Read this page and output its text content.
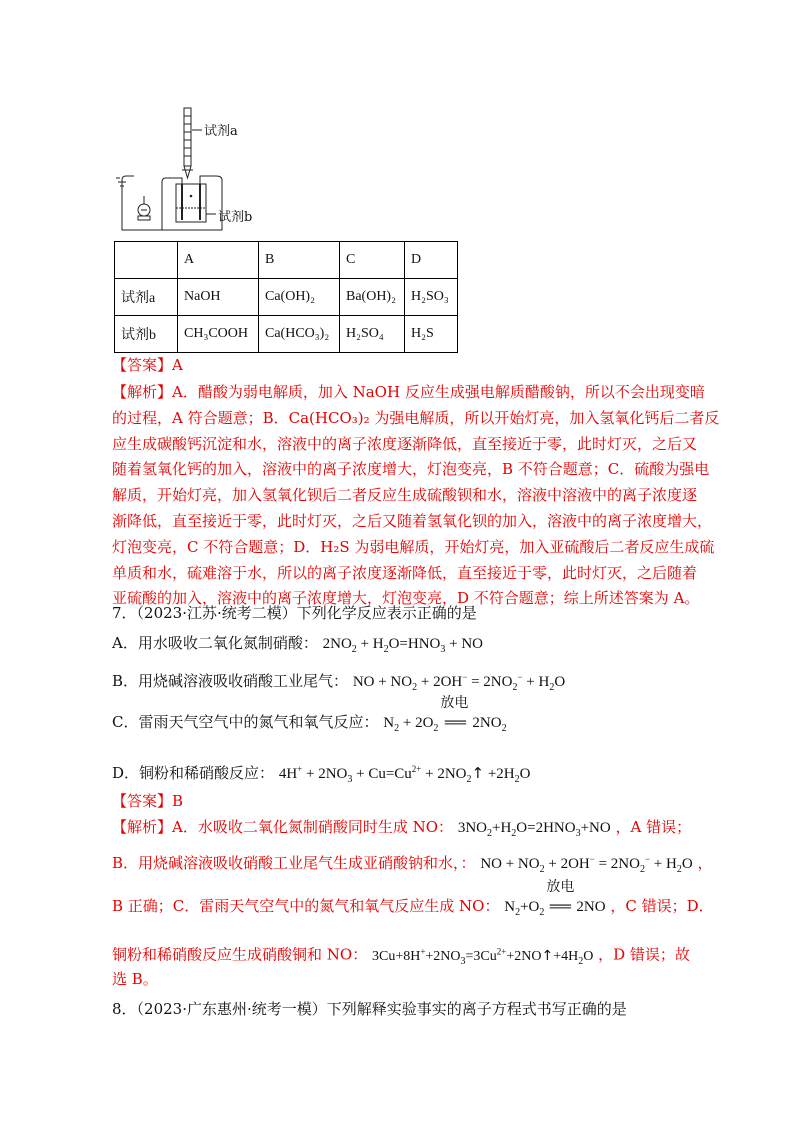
试剂a
试剂b
	A	B	C	D
试剂a	NaOH	Ca(OH)₂	Ba(OH)₂	H₂SO₃
试剂b	CH₃COOH	Ca(HCO₃)₂	H₂SO₄	H₂S
【答案】A
【解析】A．醋酸为弱电解质，加入 NaOH 反应生成强电解质醋酸钠，所以不会出现变暗
的过程，A 符合题意；B．Ca(HCO₃)₂ 为强电解质，所以开始灯亮，加入氢氧化钙后二者反
应生成碳酸钙沉淀和水，溶液中的离子浓度逐渐降低，直至接近于零，此时灯灭，之后又
随着氢氧化钙的加入，溶液中的离子浓度增大，灯泡变亮，B 不符合题意；C．硫酸为强电
解质，开始灯亮，加入氢氧化钡后二者反应生成硫酸钡和水，溶液中溶液中的离子浓度逐
渐降低，直至接近于零，此时灯灭，之后又随着氢氧化钡的加入，溶液中的离子浓度增大，
灯泡变亮，C 不符合题意；D．H₂S 为弱电解质，开始灯亮，加入亚硫酸后二者反应生成硫
单质和水，硫难溶于水，所以的离子浓度逐渐降低，直至接近于零，此时灯灭，之后随着
亚硫酸的加入，溶液中的离子浓度增大，灯泡变亮，D 不符合题意；综上所述答案为 A。
7．（2023·江苏·统考二模）下列化学反应表示正确的是
A．用水吸收二氧化氮制硝酸： $2NO_2 + H_2O=HNO_3$ + NO
B．用烧碱溶液吸收硝酸工业尾气： NO + $NO_2 + 2OH^- = 2NO_2^- + H_2O$
C．雷雨天气空气中的氮气和氧气反应： $N_2 + 2O_2$
放电
══ $2NO_2$
D．铜粉和稀硝酸反应： $4H^+ + 2NO_3 + Cu=Cu^{2+}$ + $2NO_2↑ +2H_2O$
【答案】B
【解析】A．水吸收二氧化氮制硝酸同时生成 NO： $3NO_2+H_2O=2HNO_3+NO$ ，A 错误；
B．用烧碱溶液吸收硝酸工业尾气生成亚硝酸钠和水，： NO + $NO_2 + 2OH^- = 2NO_2^- + H_2O$ ，
B 正确；C．雷雨天气空气中的氮气和氧气反应生成 NO： $N_2+O_2$
放电
══ 2NO ，C 错误；D．
铜粉和稀硝酸反应生成硝酸铜和 NO： $3Cu+8H^++2NO_3=3Cu^{2+}+2NO↑+4H_2O$ ，D 错误；故
选 B。
8．（2023·广东惠州·统考一模）下列解释实验事实的离子方程式书写正确的是
